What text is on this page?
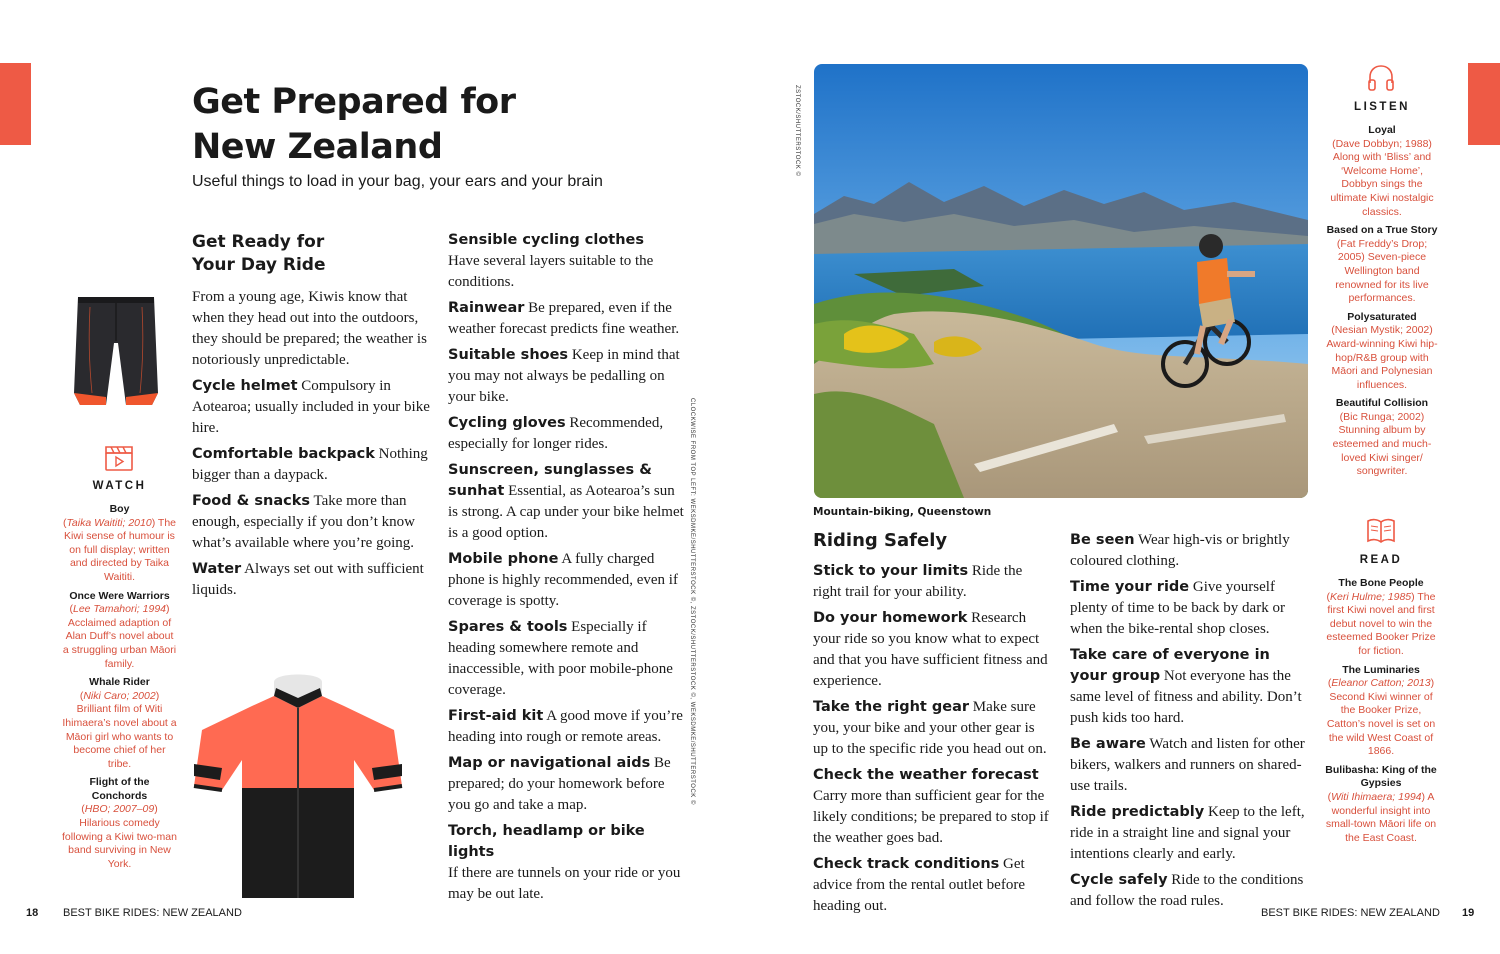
Get Prepared for
New Zealand
Useful things to load in your bag, your ears and your brain
Get Ready for
Your Day Ride

From a young age, Kiwis know that when they head out into the outdoors, they should be prepared; the weather is notoriously unpredictable.

Cycle helmet Compulsory in Aotearoa; usually included in your bike hire.

Comfortable backpack Nothing bigger than a daypack.

Food & snacks Take more than enough, especially if you don’t know what’s available where you’re going.

Water Always set out with sufficient liquids.

Sensible cycling clothes
Have several layers suitable to the conditions.

Rainwear Be prepared, even if the weather forecast predicts fine weather.

Suitable shoes Keep in mind that you may not always be pedalling on your bike.

Cycling gloves Recommended, especially for longer rides.

Sunscreen, sunglasses & sunhat Essential, as Aotearoa’s sun is strong. A cap under your bike helmet is a good option.

Mobile phone A fully charged phone is highly recommended, even if coverage is spotty.

Spares & tools Especially if heading somewhere remote and inaccessible, with poor mobile-phone coverage.

First-aid kit A good move if you’re heading into rough or remote areas.

Map or navigational aids Be prepared; do your homework before you go and take a map.

Torch, headlamp or bike lights
If there are tunnels on your ride or you may be out late.

CLOCKWISE FROM TOP LEFT: WEKSDMKE/SHUTTERSTOCK ©, ZSTOCK/SHUTTERSTOCK ©, WEKSDMKE/SHUTTERSTOCK ©
ZSTOCK/SHUTTERSTOCK ©
WATCH
Boy
(Taika Waititi; 2010) The Kiwi sense of humour is on full display; written and directed by Taika Waititi.
Once Were Warriors
(Lee Tamahori; 1994) Acclaimed adaption of Alan Duff’s novel about a struggling urban Māori family.
Whale Rider
(Niki Caro; 2002) Brilliant film of Witi Ihimaera’s novel about a Māori girl who wants to become chief of her tribe.
Flight of the Conchords
(HBO; 2007–09) Hilarious comedy following a Kiwi two-man band surviving in New York.
Mountain-biking, Queenstown
Riding Safely

Stick to your limits Ride the right trail for your ability.

Do your homework Research your ride so you know what to expect and that you have sufficient fitness and experience.

Take the right gear Make sure you, your bike and your other gear is up to the specific ride you head out on.

Check the weather forecast
Carry more than sufficient gear for the likely conditions; be prepared to stop if the weather goes bad.

Check track conditions Get advice from the rental outlet before heading out.

Be seen Wear high-vis or brightly coloured clothing.

Time your ride Give yourself plenty of time to be back by dark or when the bike-rental shop closes.

Take care of everyone in your group Not everyone has the same level of fitness and ability. Don’t push kids too hard.

Be aware Watch and listen for other bikers, walkers and runners on shared-use trails.

Ride predictably Keep to the left, ride in a straight line and signal your intentions clearly and early.

Cycle safely Ride to the conditions and follow the road rules.

LISTEN
Loyal
(Dave Dobbyn; 1988) Along with ‘Bliss’ and ‘Welcome Home’, Dobbyn sings the ultimate Kiwi nostalgic classics.
Based on a True Story
(Fat Freddy’s Drop; 2005) Seven-piece Wellington band renowned for its live performances.
Polysaturated
(Nesian Mystik; 2002) Award-winning Kiwi hip-hop/R&B group with Māori and Polynesian influences.
Beautiful Collision
(Bic Runga; 2002) Stunning album by esteemed and much-loved Kiwi singer/ songwriter.
READ
The Bone People
(Keri Hulme; 1985) The first Kiwi novel and first debut novel to win the esteemed Booker Prize for fiction.
The Luminaries
(Eleanor Catton; 2013) Second Kiwi winner of the Booker Prize, Catton’s novel is set on the wild West Coast of 1866.
Bulibasha: King of the Gypsies
(Witi Ihimaera; 1994) A wonderful insight into small-town Māori life on the East Coast.
18 BEST BIKE RIDES: NEW ZEALAND	BEST BIKE RIDES: NEW ZEALAND 19
